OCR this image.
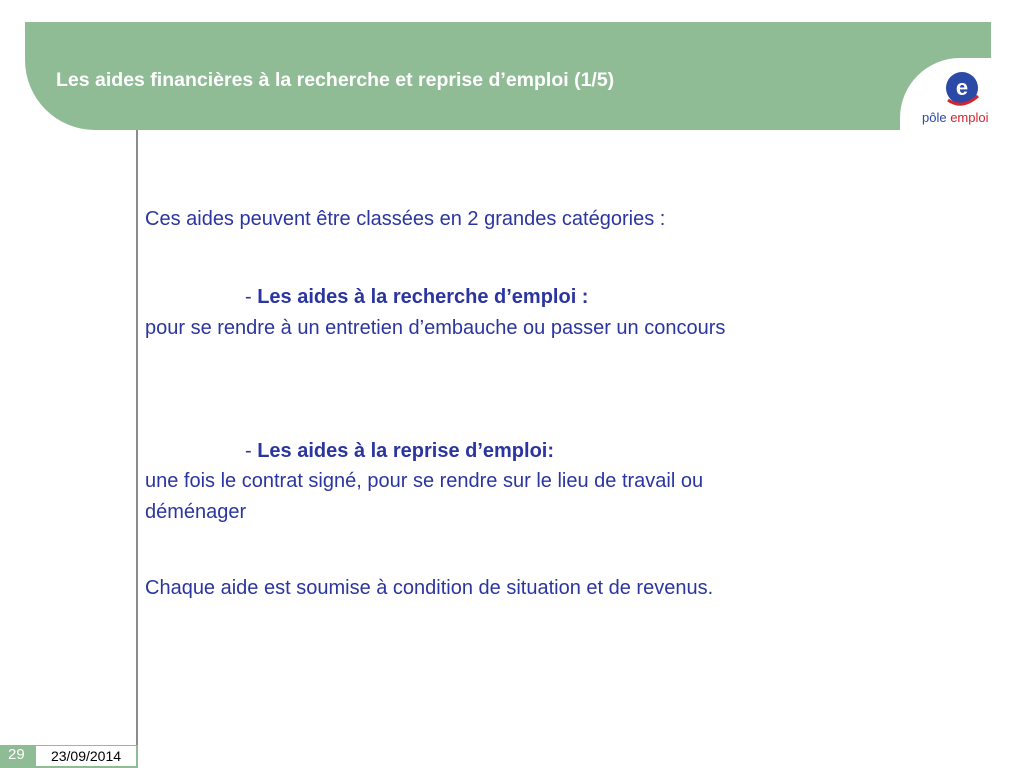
Les aides financières à la recherche et reprise d’emploi (1/5)	e
pôle emploi

Ces aides peuvent être classées en 2 grandes catégories :

- Les aides à la recherche d’emploi :

pour se rendre à un entretien d’embauche ou passer un concours

- Les aides à la reprise d’emploi:

une fois le contrat signé, pour se rendre sur le lieu de travail ou

déménager

Chaque aide est soumise à condition de situation et de revenus.

29	23/09/2014
